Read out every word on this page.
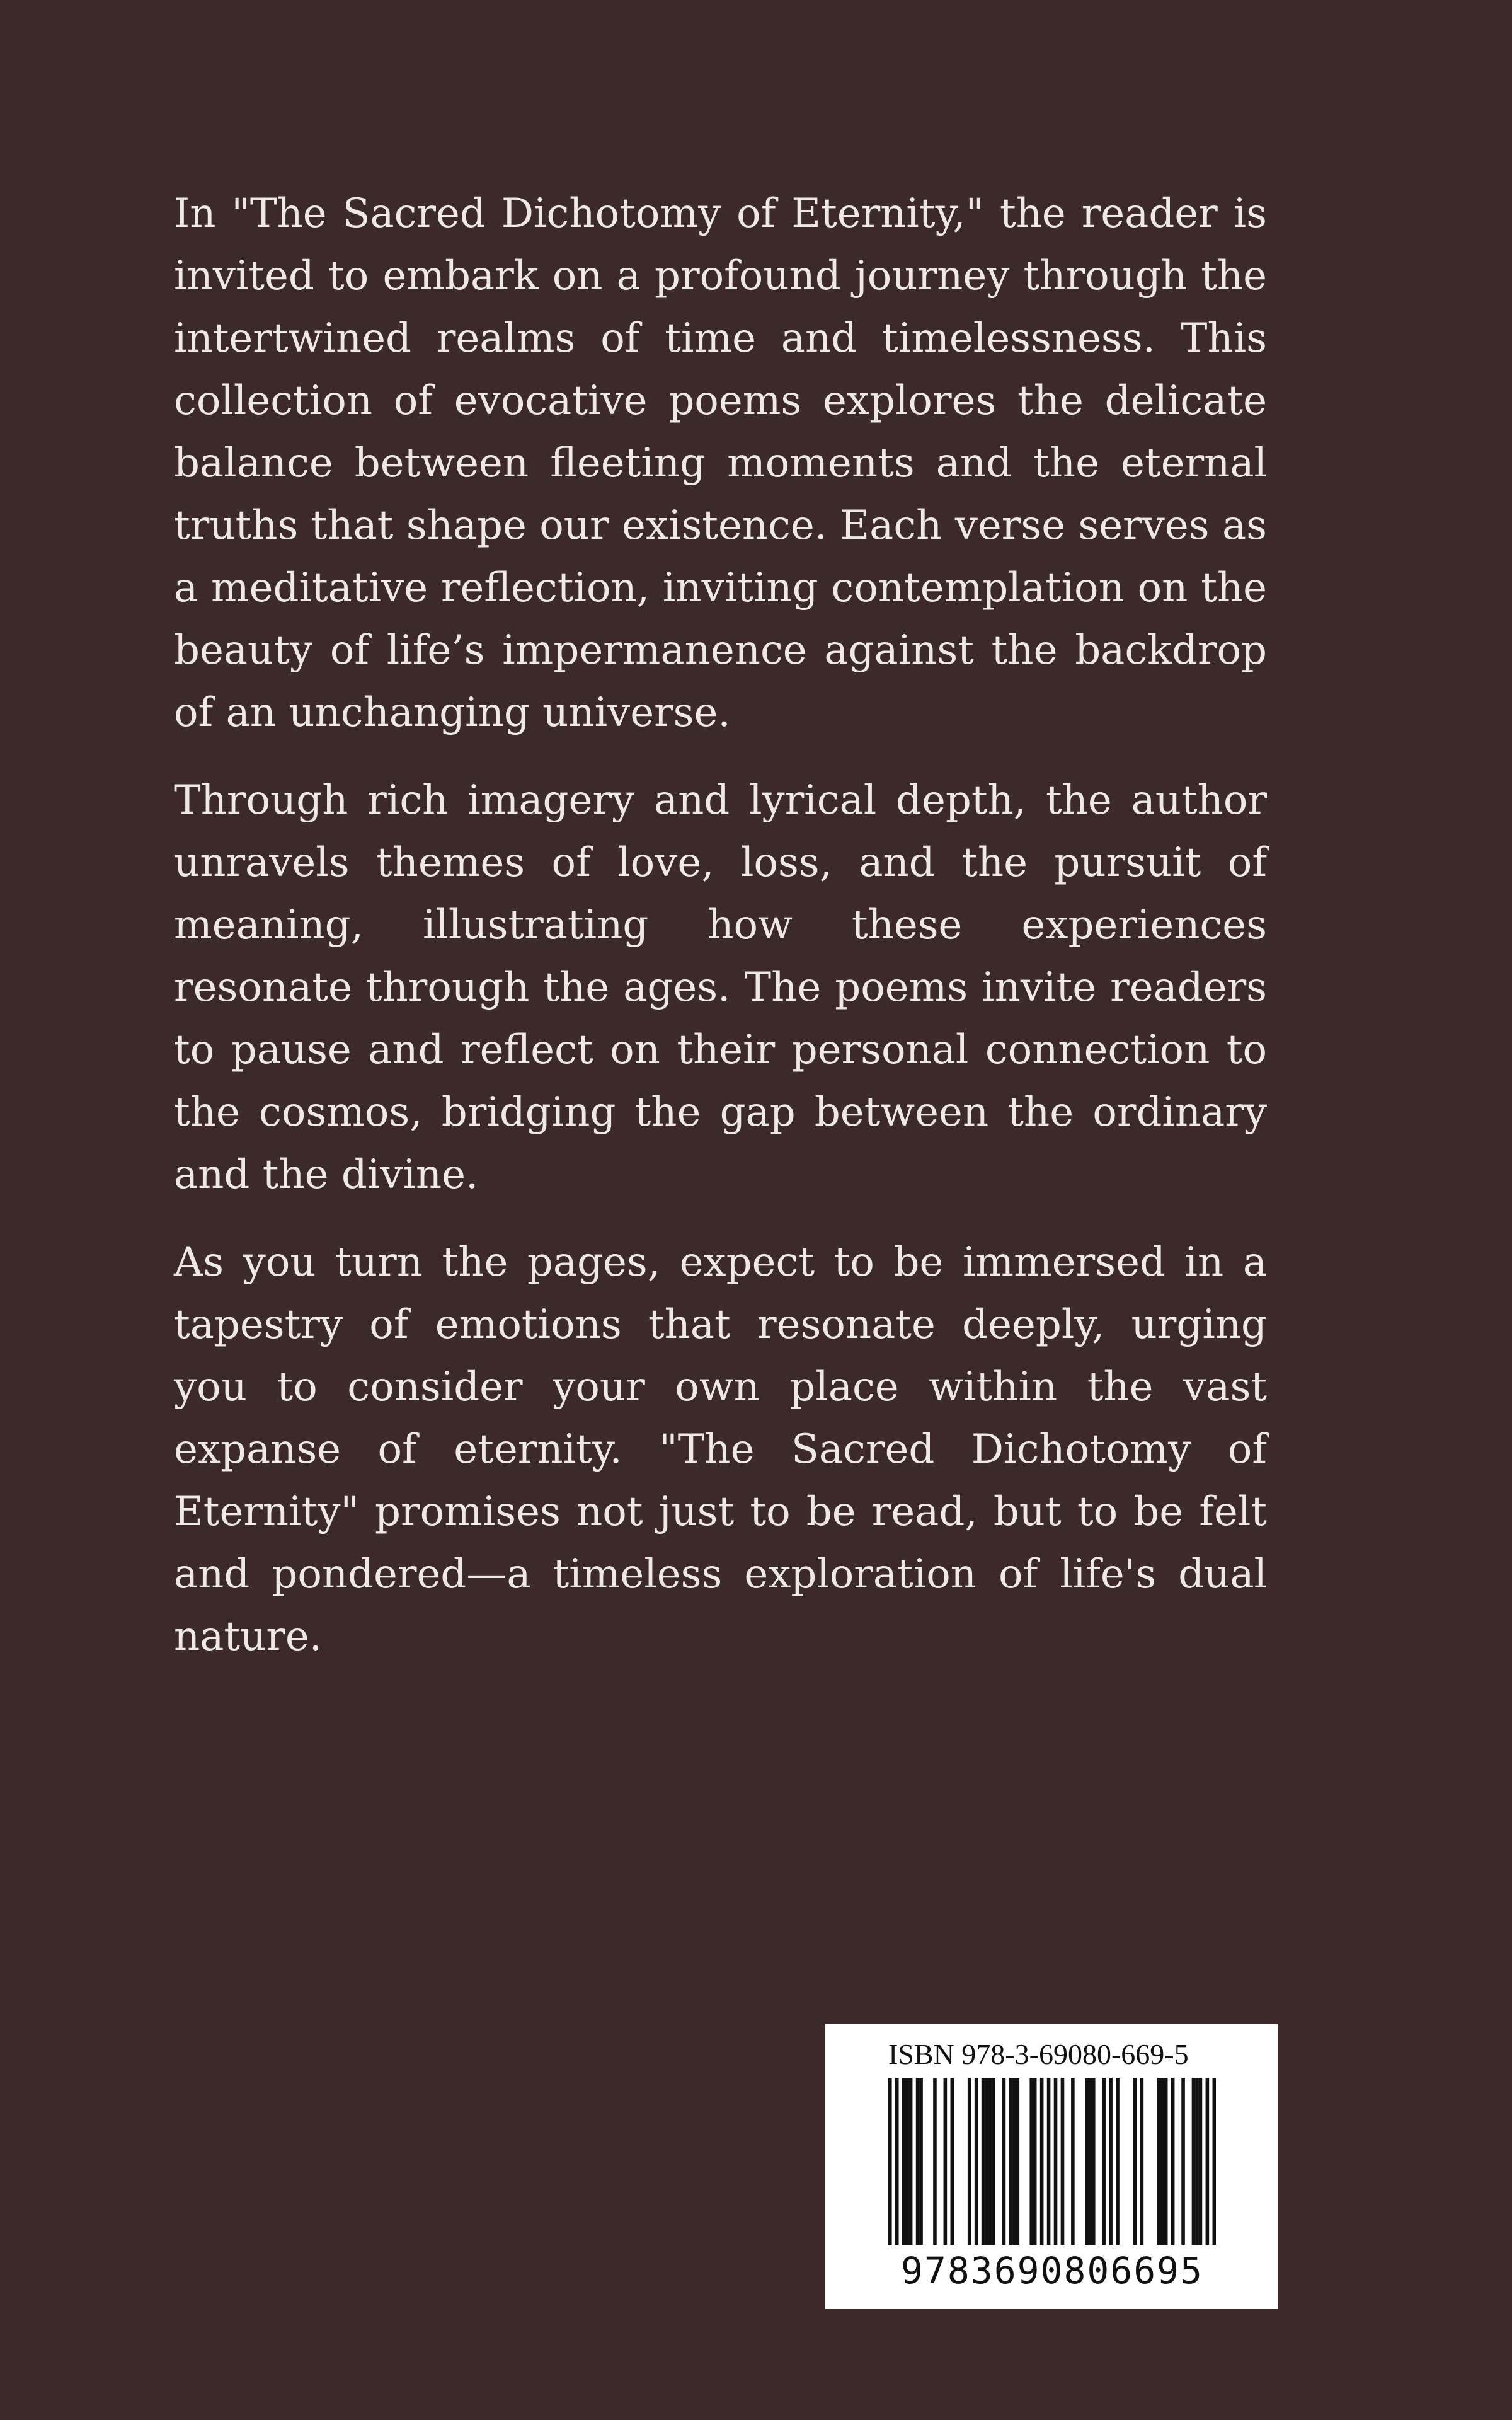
In "The Sacred Dichotomy of Eternity," the reader is invited to embark on a profound journey through the intertwined realms of time and timelessness. This collection of evocative poems explores the delicate balance between fleeting moments and the eternal truths that shape our existence. Each verse serves as a meditative reflection, inviting contemplation on the beauty of life’s impermanence against the backdrop of an unchanging universe.

Through rich imagery and lyrical depth, the author unravels themes of love, loss, and the pursuit of meaning, illustrating how these experiences resonate through the ages. The poems invite readers to pause and reflect on their personal connection to the cosmos, bridging the gap between the ordinary and the divine.

As you turn the pages, expect to be immersed in a tapestry of emotions that resonate deeply, urging you to consider your own place within the vast expanse of eternity. "The Sacred Dichotomy of Eternity" promises not just to be read, but to be felt and pondered—a timeless exploration of life's dual nature.

ISBN 978-3-69080-669-5
9783690806695
